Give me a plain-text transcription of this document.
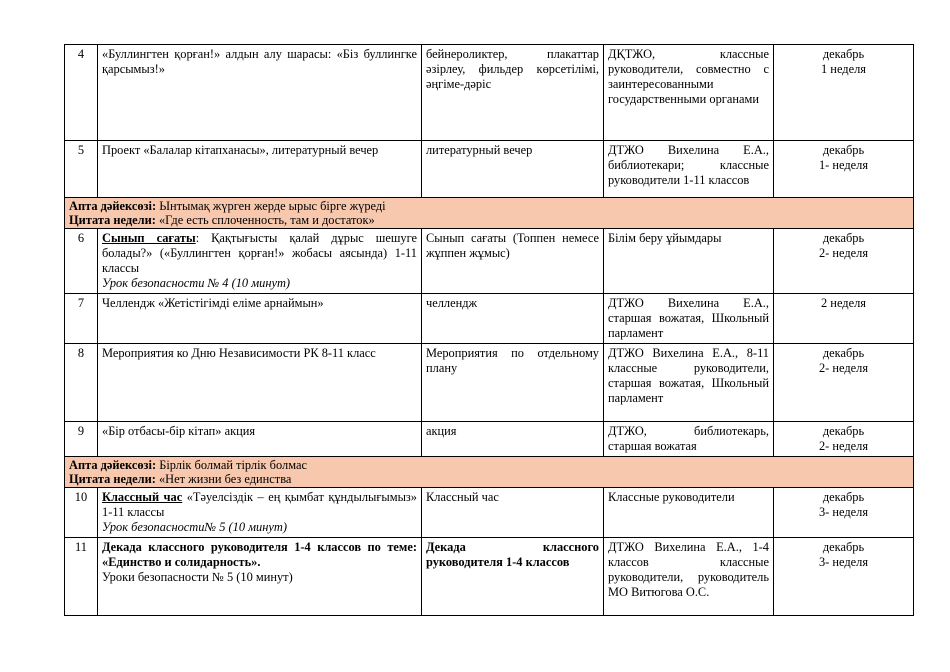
4	«Буллингтен қорған!» алдын алу шарасы: «Біз буллингке қарсымыз!»	бейнероликтер, плакаттар әзірлеу, фильдер көрсетілімі, әңгіме-дәріс	ДҚТЖО, классные руководители, совместно с заинтересованными государственными органами	декабрь
1 неделя

5	Проект «Балалар кітапханасы», литературный вечер	литературный вечер	ДТЖО Вихелина Е.А., библиотекари; классные руководители 1-11 классов	декабрь
1- неделя

Апта дәйексөзі: Ынтымақ жүрген жерде ырыс бірге жүреді
Цитата недели: «Где есть сплоченность, там и достаток»				

6	Сынып сағаты: Қақтығысты қалай дұрыс шешуге болады?» («Буллингтен қорған!» жобасы аясында) 1-11 классы
Урок безопасности № 4 (10 минут)	Сынып сағаты (Топпен немесе жұппен жұмыс)	Білім беру ұйымдары	декабрь
2- неделя

7	Челлендж «Жетістігімді еліме арнаймын»	челлендж	ДТЖО Вихелина Е.А., старшая вожатая, Школьный парламент	2 неделя

8	Мероприятия ко Дню Независимости РК 8-11 класс	Мероприятия по отдельному плану	ДТЖО Вихелина Е.А., 8-11 классные руководители, старшая вожатая, Школьный парламент	декабрь
2- неделя

9	«Бір отбасы-бір кітап» акция	акция	ДТЖО, библиотекарь, старшая вожатая	декабрь
2- неделя

Апта дәйексөзі: Бірлік болмай тірлік болмас
Цитата недели: «Нет жизни без единства				

10	Классный час «Тәуелсіздік – ең қымбат құндылығымыз» 1-11 классы
Урок безопасности№ 5 (10 минут)	Классный час	Классные руководители	декабрь
3- неделя

11	Декада классного руководителя 1-4 классов по теме: «Единство и солидарность».
Уроки безопасности № 5 (10 минут)	Декада классного руководителя 1-4 классов	ДТЖО Вихелина Е.А., 1-4 классов классные руководители, руководитель МО Витюгова О.С.	декабрь
3- неделя
